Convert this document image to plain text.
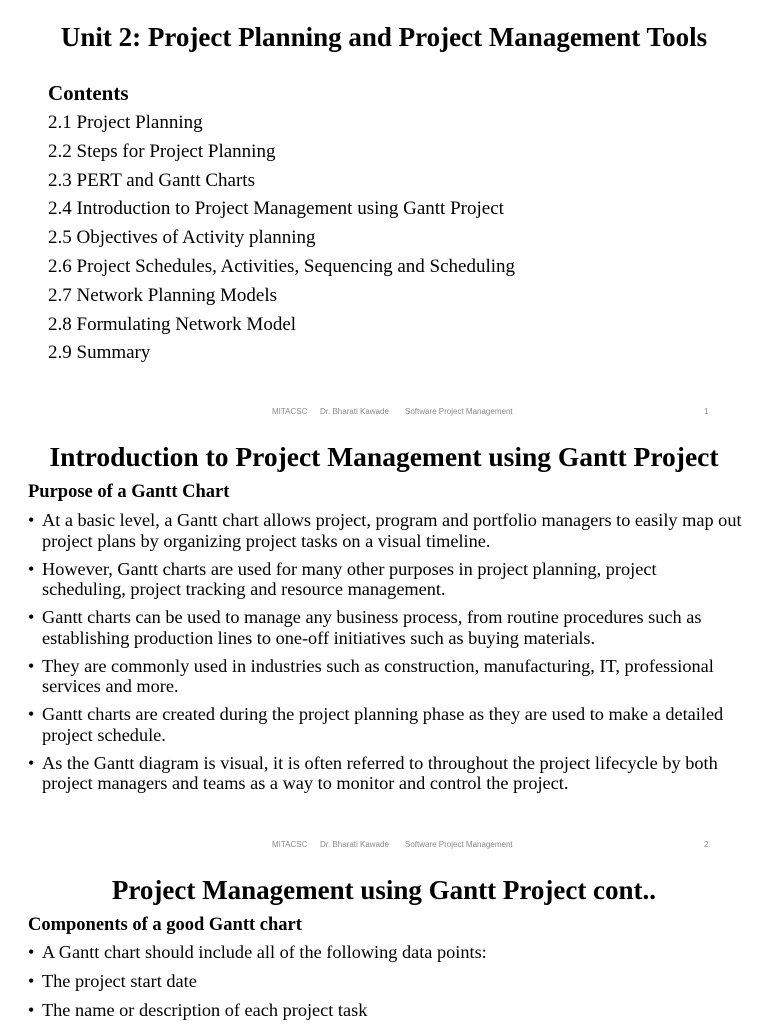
Unit 2: Project Planning and Project Management Tools
Contents
2.1 Project Planning
2.2 Steps for Project Planning
2.3 PERT and Gantt Charts
2.4 Introduction to Project Management using Gantt Project
2.5 Objectives of Activity planning
2.6 Project Schedules, Activities, Sequencing and Scheduling
2.7 Network Planning Models
2.8 Formulating Network Model
2.9 Summary
MITACSC Dr. Bharati Kawade Software Project Management	1
Introduction to Project Management using Gantt Project
Purpose of a Gantt Chart
• At a basic level, a Gantt chart allows project, program and portfolio managers to easily map out project plans by organizing project tasks on a visual timeline.
• However, Gantt charts are used for many other purposes in project planning, project scheduling, project tracking and resource management.
• Gantt charts can be used to manage any business process, from routine procedures such as establishing production lines to one-off initiatives such as buying materials.
• They are commonly used in industries such as construction, manufacturing, IT, professional services and more.
• Gantt charts are created during the project planning phase as they are used to make a detailed project schedule.
• As the Gantt diagram is visual, it is often referred to throughout the project lifecycle by both project managers and teams as a way to monitor and control the project.
MITACSC Dr. Bharati Kawade Software Project Management	2
Project Management using Gantt Project cont..
Components of a good Gantt chart
• A Gantt chart should include all of the following data points:
• The project start date
• The name or description of each project task
